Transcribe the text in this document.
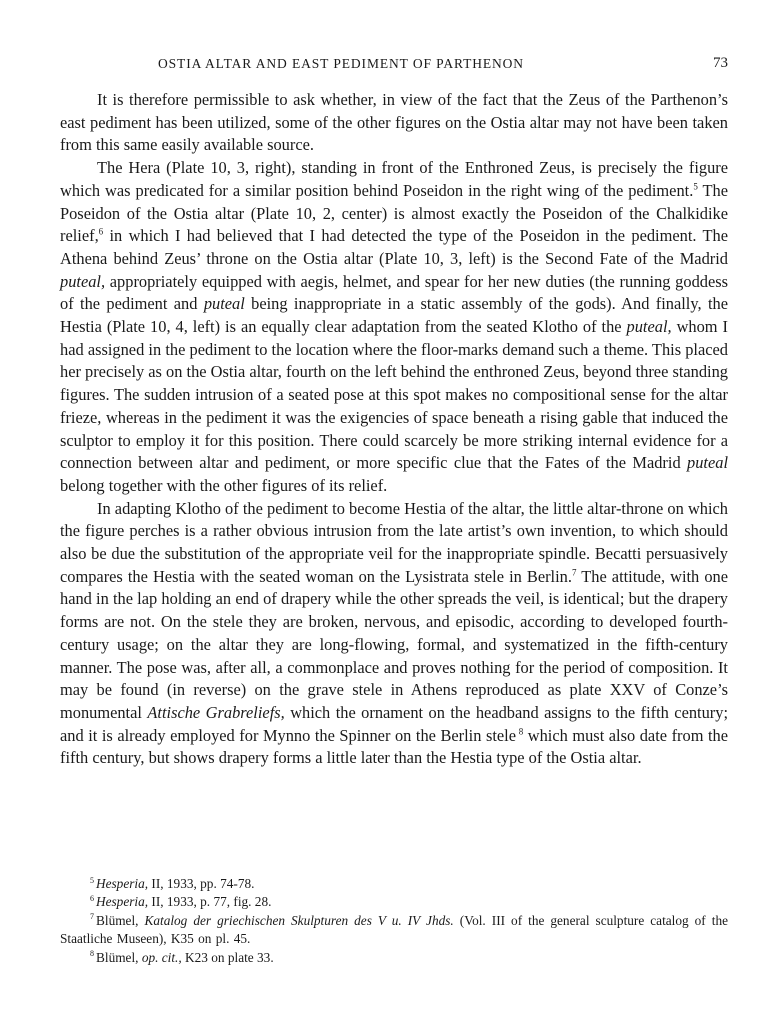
OSTIA ALTAR AND EAST PEDIMENT OF PARTHENON	73

It is therefore permissible to ask whether, in view of the fact that the Zeus of the Parthenon’s east pediment has been utilized, some of the other figures on the Ostia altar may not have been taken from this same easily available source.

The Hera (Plate 10, 3, right), standing in front of the Enthroned Zeus, is precisely the figure which was predicated for a similar position behind Poseidon in the right wing of the pediment.$^5$ The Poseidon of the Ostia altar (Plate 10, 2, center) is almost exactly the Poseidon of the Chalkidike relief,$^6$ in which I had believed that I had detected the type of the Poseidon in the pediment. The Athena behind Zeus’ throne on the Ostia altar (Plate 10, 3, left) is the Second Fate of the Madrid puteal, appropriately equipped with aegis, helmet, and spear for her new duties (the running goddess of the pediment and puteal being inappropriate in a static assembly of the gods). And finally, the Hestia (Plate 10, 4, left) is an equally clear adaptation from the seated Klotho of the puteal, whom I had assigned in the pediment to the location where the floor-marks demand such a theme. This placed her precisely as on the Ostia altar, fourth on the left behind the enthroned Zeus, beyond three standing figures. The sudden intrusion of a seated pose at this spot makes no compositional sense for the altar frieze, whereas in the pediment it was the exigencies of space beneath a rising gable that induced the sculptor to employ it for this position. There could scarcely be more striking internal evidence for a connection between altar and pediment, or more specific clue that the Fates of the Madrid puteal belong together with the other figures of its relief.

In adapting Klotho of the pediment to become Hestia of the altar, the little altar-throne on which the figure perches is a rather obvious intrusion from the late artist’s own invention, to which should also be due the substitution of the appropriate veil for the inappropriate spindle. Becatti persuasively compares the Hestia with the seated woman on the Lysistrata stele in Berlin.$^7$ The attitude, with one hand in the lap holding an end of drapery while the other spreads the veil, is identical; but the drapery forms are not. On the stele they are broken, nervous, and episodic, according to developed fourth-century usage; on the altar they are long-flowing, formal, and systematized in the fifth-century manner. The pose was, after all, a commonplace and proves nothing for the period of composition. It may be found (in reverse) on the grave stele in Athens reproduced as plate XXV of Conze’s monumental Attische Grabreliefs, which the ornament on the headband assigns to the fifth century; and it is already employed for Mynno the Spinner on the Berlin stele $^8$ which must also date from the fifth century, but shows drapery forms a little later than the Hestia type of the Ostia altar.

$^5$ Hesperia, II, 1933, pp. 74-78.
$^6$ Hesperia, II, 1933, p. 77, fig. 28.
$^7$ Blümel, Katalog der griechischen Skulpturen des V u. IV Jhds. (Vol. III of the general sculpture catalog of the Staatliche Museen), K35 on pl. 45.
$^8$ Blümel, op. cit., K23 on plate 33.
